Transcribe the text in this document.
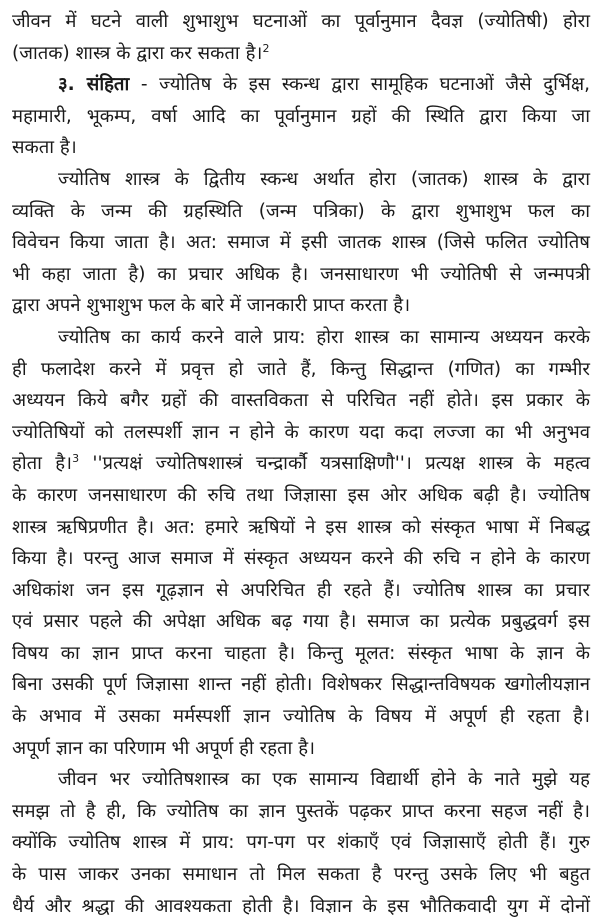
जीवन में घटने वाली शुभाशुभ घटनाओं का पूर्वानुमान दैवज्ञ (ज्योतिषी) होरा
(जातक) शास्त्र के द्वारा कर सकता है।$^2$
३. संहिता - ज्योतिष के इस स्कन्ध द्वारा सामूहिक घटनाओं जैसे दुर्भिक्ष,
महामारी, भूकम्प, वर्षा आदि का पूर्वानुमान ग्रहों की स्थिति द्वारा किया जा
सकता है।
ज्योतिष शास्त्र के द्वितीय स्कन्ध अर्थात होरा (जातक) शास्त्र के द्वारा
व्यक्ति के जन्म की ग्रहस्थिति (जन्म पत्रिका) के द्वारा शुभाशुभ फल का
विवेचन किया जाता है। अत: समाज में इसी जातक शास्त्र (जिसे फलित ज्योतिष
भी कहा जाता है) का प्रचार अधिक है। जनसाधारण भी ज्योतिषी से जन्मपत्री
द्वारा अपने शुभाशुभ फल के बारे में जानकारी प्राप्त करता है।
ज्योतिष का कार्य करने वाले प्राय: होरा शास्त्र का सामान्य अध्ययन करके
ही फलादेश करने में प्रवृत्त हो जाते हैं, किन्तु सिद्धान्त (गणित) का गम्भीर
अध्ययन किये बगैर ग्रहों की वास्तविकता से परिचित नहीं होते। इस प्रकार के
ज्योतिषियों को तलस्पर्शी ज्ञान न होने के कारण यदा कदा लज्जा का भी अनुभव
होता है।$^3$ ''प्रत्यक्षं ज्योतिषशास्त्रं चन्द्रार्कौ यत्रसाक्षिणौ''। प्रत्यक्ष शास्त्र के महत्व
के कारण जनसाधारण की रुचि तथा जिज्ञासा इस ओर अधिक बढ़ी है। ज्योतिष
शास्त्र ऋषिप्रणीत है। अत: हमारे ऋषियों ने इस शास्त्र को संस्कृत भाषा में निबद्ध
किया है। परन्तु आज समाज में संस्कृत अध्ययन करने की रुचि न होने के कारण
अधिकांश जन इस गूढ़ज्ञान से अपरिचित ही रहते हैं। ज्योतिष शास्त्र का प्रचार
एवं प्रसार पहले की अपेक्षा अधिक बढ़ गया है। समाज का प्रत्येक प्रबुद्धवर्ग इस
विषय का ज्ञान प्राप्त करना चाहता है। किन्तु मूलत: संस्कृत भाषा के ज्ञान के
बिना उसकी पूर्ण जिज्ञासा शान्त नहीं होती। विशेषकर सिद्धान्तविषयक खगोलीयज्ञान
के अभाव में उसका मर्मस्पर्शी ज्ञान ज्योतिष के विषय में अपूर्ण ही रहता है।
अपूर्ण ज्ञान का परिणाम भी अपूर्ण ही रहता है।
जीवन भर ज्योतिषशास्त्र का एक सामान्य विद्यार्थी होने के नाते मुझे यह
समझ तो है ही, कि ज्योतिष का ज्ञान पुस्तकें पढ़कर प्राप्त करना सहज नहीं है।
क्योंकि ज्योतिष शास्त्र में प्राय: पग-पग पर शंकाएँ एवं जिज्ञासाएँ होती हैं। गुरु
के पास जाकर उनका समाधान तो मिल सकता है परन्तु उसके लिए भी बहुत
धैर्य और श्रद्धा की आवश्यकता होती है। विज्ञान के इस भौतिकवादी युग में दोनों
